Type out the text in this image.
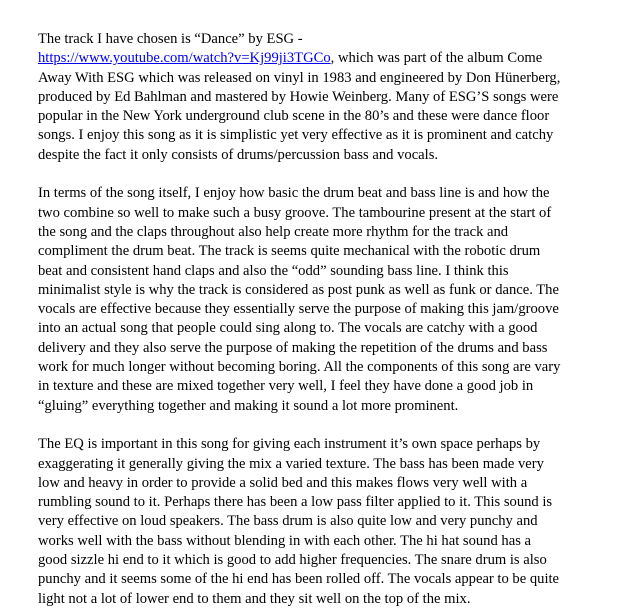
The track I have chosen is “Dance” by ESG -
https://www.youtube.com/watch?v=Kj99ji3TGCo, which was part of the album Come
Away With ESG which was released on vinyl in 1983 and engineered by Don Hünerberg,
produced by Ed Bahlman and mastered by Howie Weinberg. Many of ESG’S songs were
popular in the New York underground club scene in the 80’s and these were dance floor
songs. I enjoy this song as it is simplistic yet very effective as it is prominent and catchy
despite the fact it only consists of drums/percussion bass and vocals.

In terms of the song itself, I enjoy how basic the drum beat and bass line is and how the
two combine so well to make such a busy groove. The tambourine present at the start of
the song and the claps throughout also help create more rhythm for the track and
compliment the drum beat. The track is seems quite mechanical with the robotic drum
beat and consistent hand claps and also the “odd” sounding bass line. I think this
minimalist style is why the track is considered as post punk as well as funk or dance. The
vocals are effective because they essentially serve the purpose of making this jam/groove
into an actual song that people could sing along to. The vocals are catchy with a good
delivery and they also serve the purpose of making the repetition of the drums and bass
work for much longer without becoming boring. All the components of this song are vary
in texture and these are mixed together very well, I feel they have done a good job in
“gluing” everything together and making it sound a lot more prominent.

The EQ is important in this song for giving each instrument it’s own space perhaps by
exaggerating it generally giving the mix a varied texture. The bass has been made very
low and heavy in order to provide a solid bed and this makes flows very well with a
rumbling sound to it. Perhaps there has been a low pass filter applied to it. This sound is
very effective on loud speakers. The bass drum is also quite low and very punchy and
works well with the bass without blending in with each other. The hi hat sound has a
good sizzle hi end to it which is good to add higher frequencies. The snare drum is also
punchy and it seems some of the hi end has been rolled off. The vocals appear to be quite
light not a lot of lower end to them and they sit well on the top of the mix.
